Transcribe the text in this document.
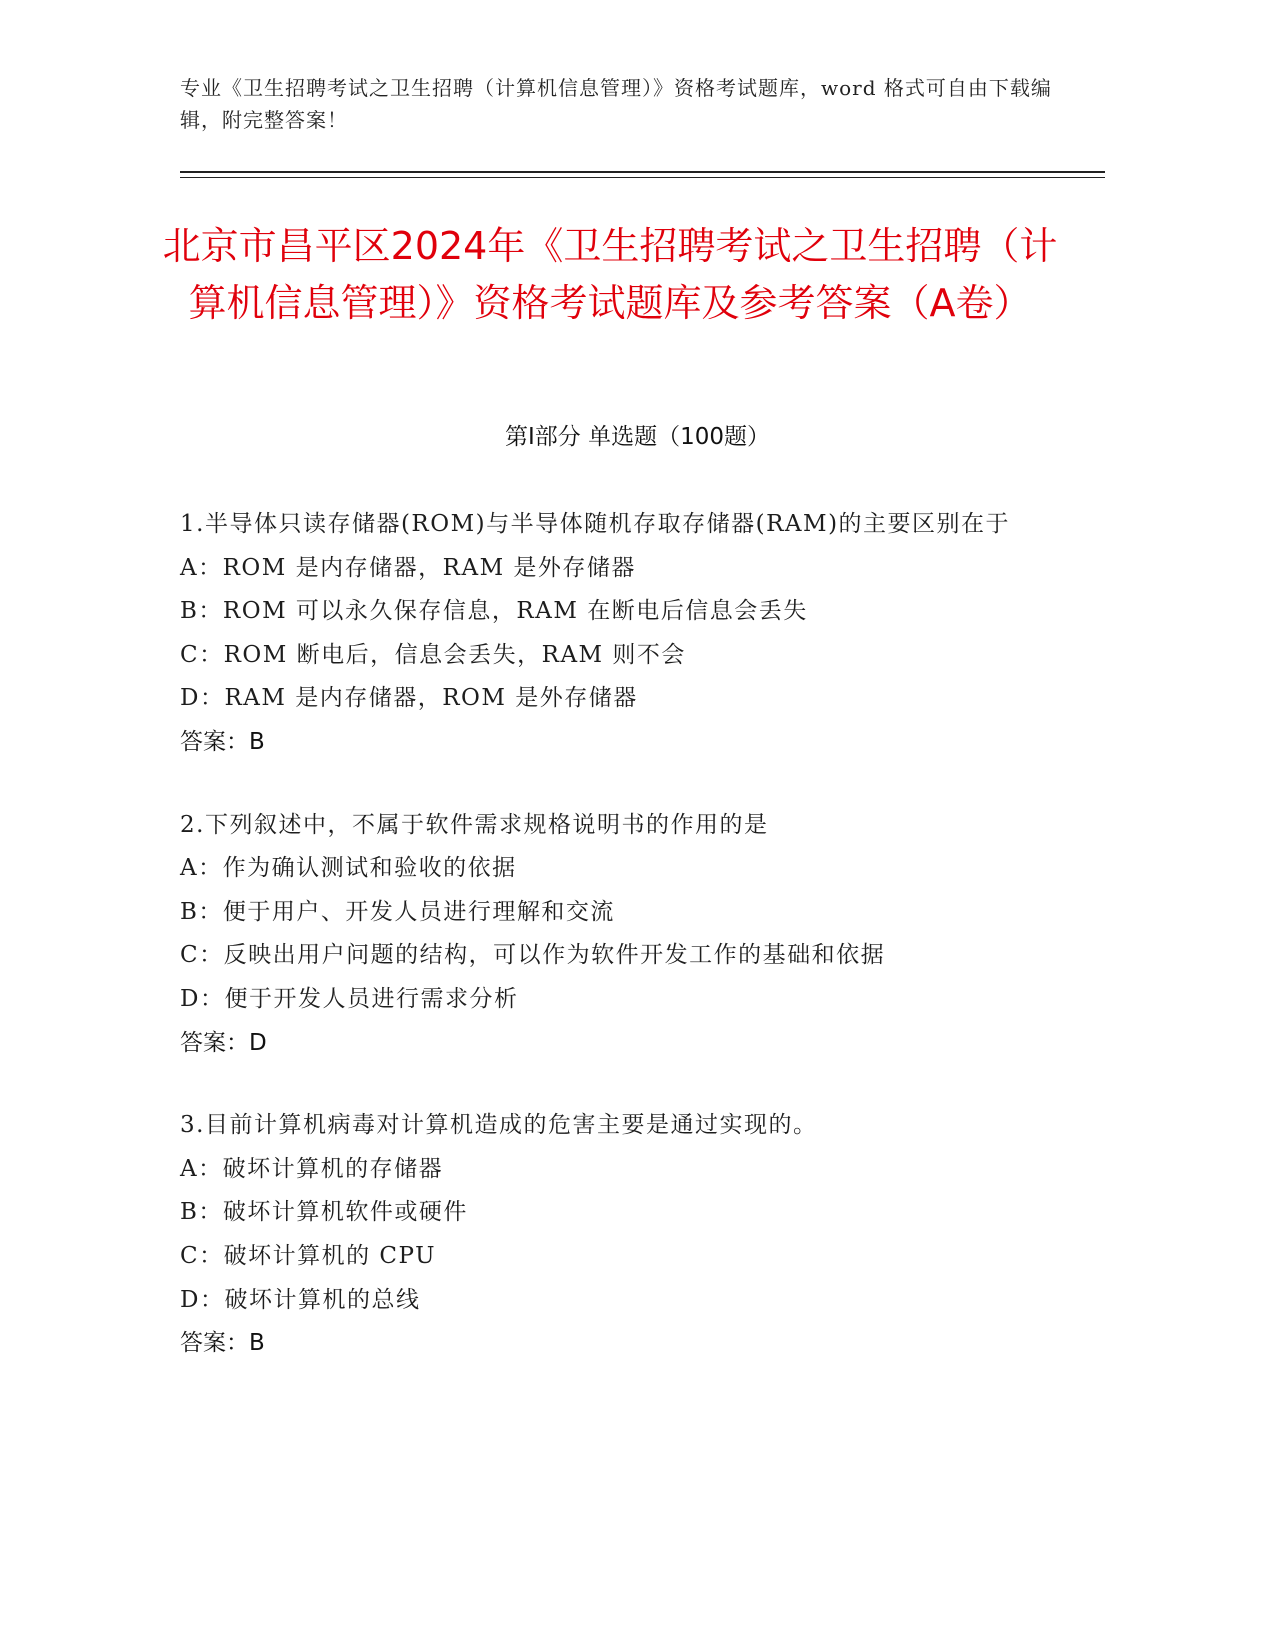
专业《卫生招聘考试之卫生招聘（计算机信息管理）》资格考试题库，word 格式可自由下载编辑，附完整答案！
北京市昌平区2024年《卫生招聘考试之卫生招聘（计算机信息管理）》资格考试题库及参考答案（A卷）
第Ⅰ部分 单选题（100题）
1.半导体只读存储器(ROM)与半导体随机存取存储器(RAM)的主要区别在于
A：ROM 是内存储器，RAM 是外存储器
B：ROM 可以永久保存信息，RAM 在断电后信息会丢失
C：ROM 断电后，信息会丢失，RAM 则不会
D：RAM 是内存储器，ROM 是外存储器
答案：B
2.下列叙述中，不属于软件需求规格说明书的作用的是
A：作为确认测试和验收的依据
B：便于用户、开发人员进行理解和交流
C：反映出用户问题的结构，可以作为软件开发工作的基础和依据
D：便于开发人员进行需求分析
答案：D
3.目前计算机病毒对计算机造成的危害主要是通过实现的。
A：破坏计算机的存储器
B：破坏计算机软件或硬件
C：破坏计算机的 CPU
D：破坏计算机的总线
答案：B
